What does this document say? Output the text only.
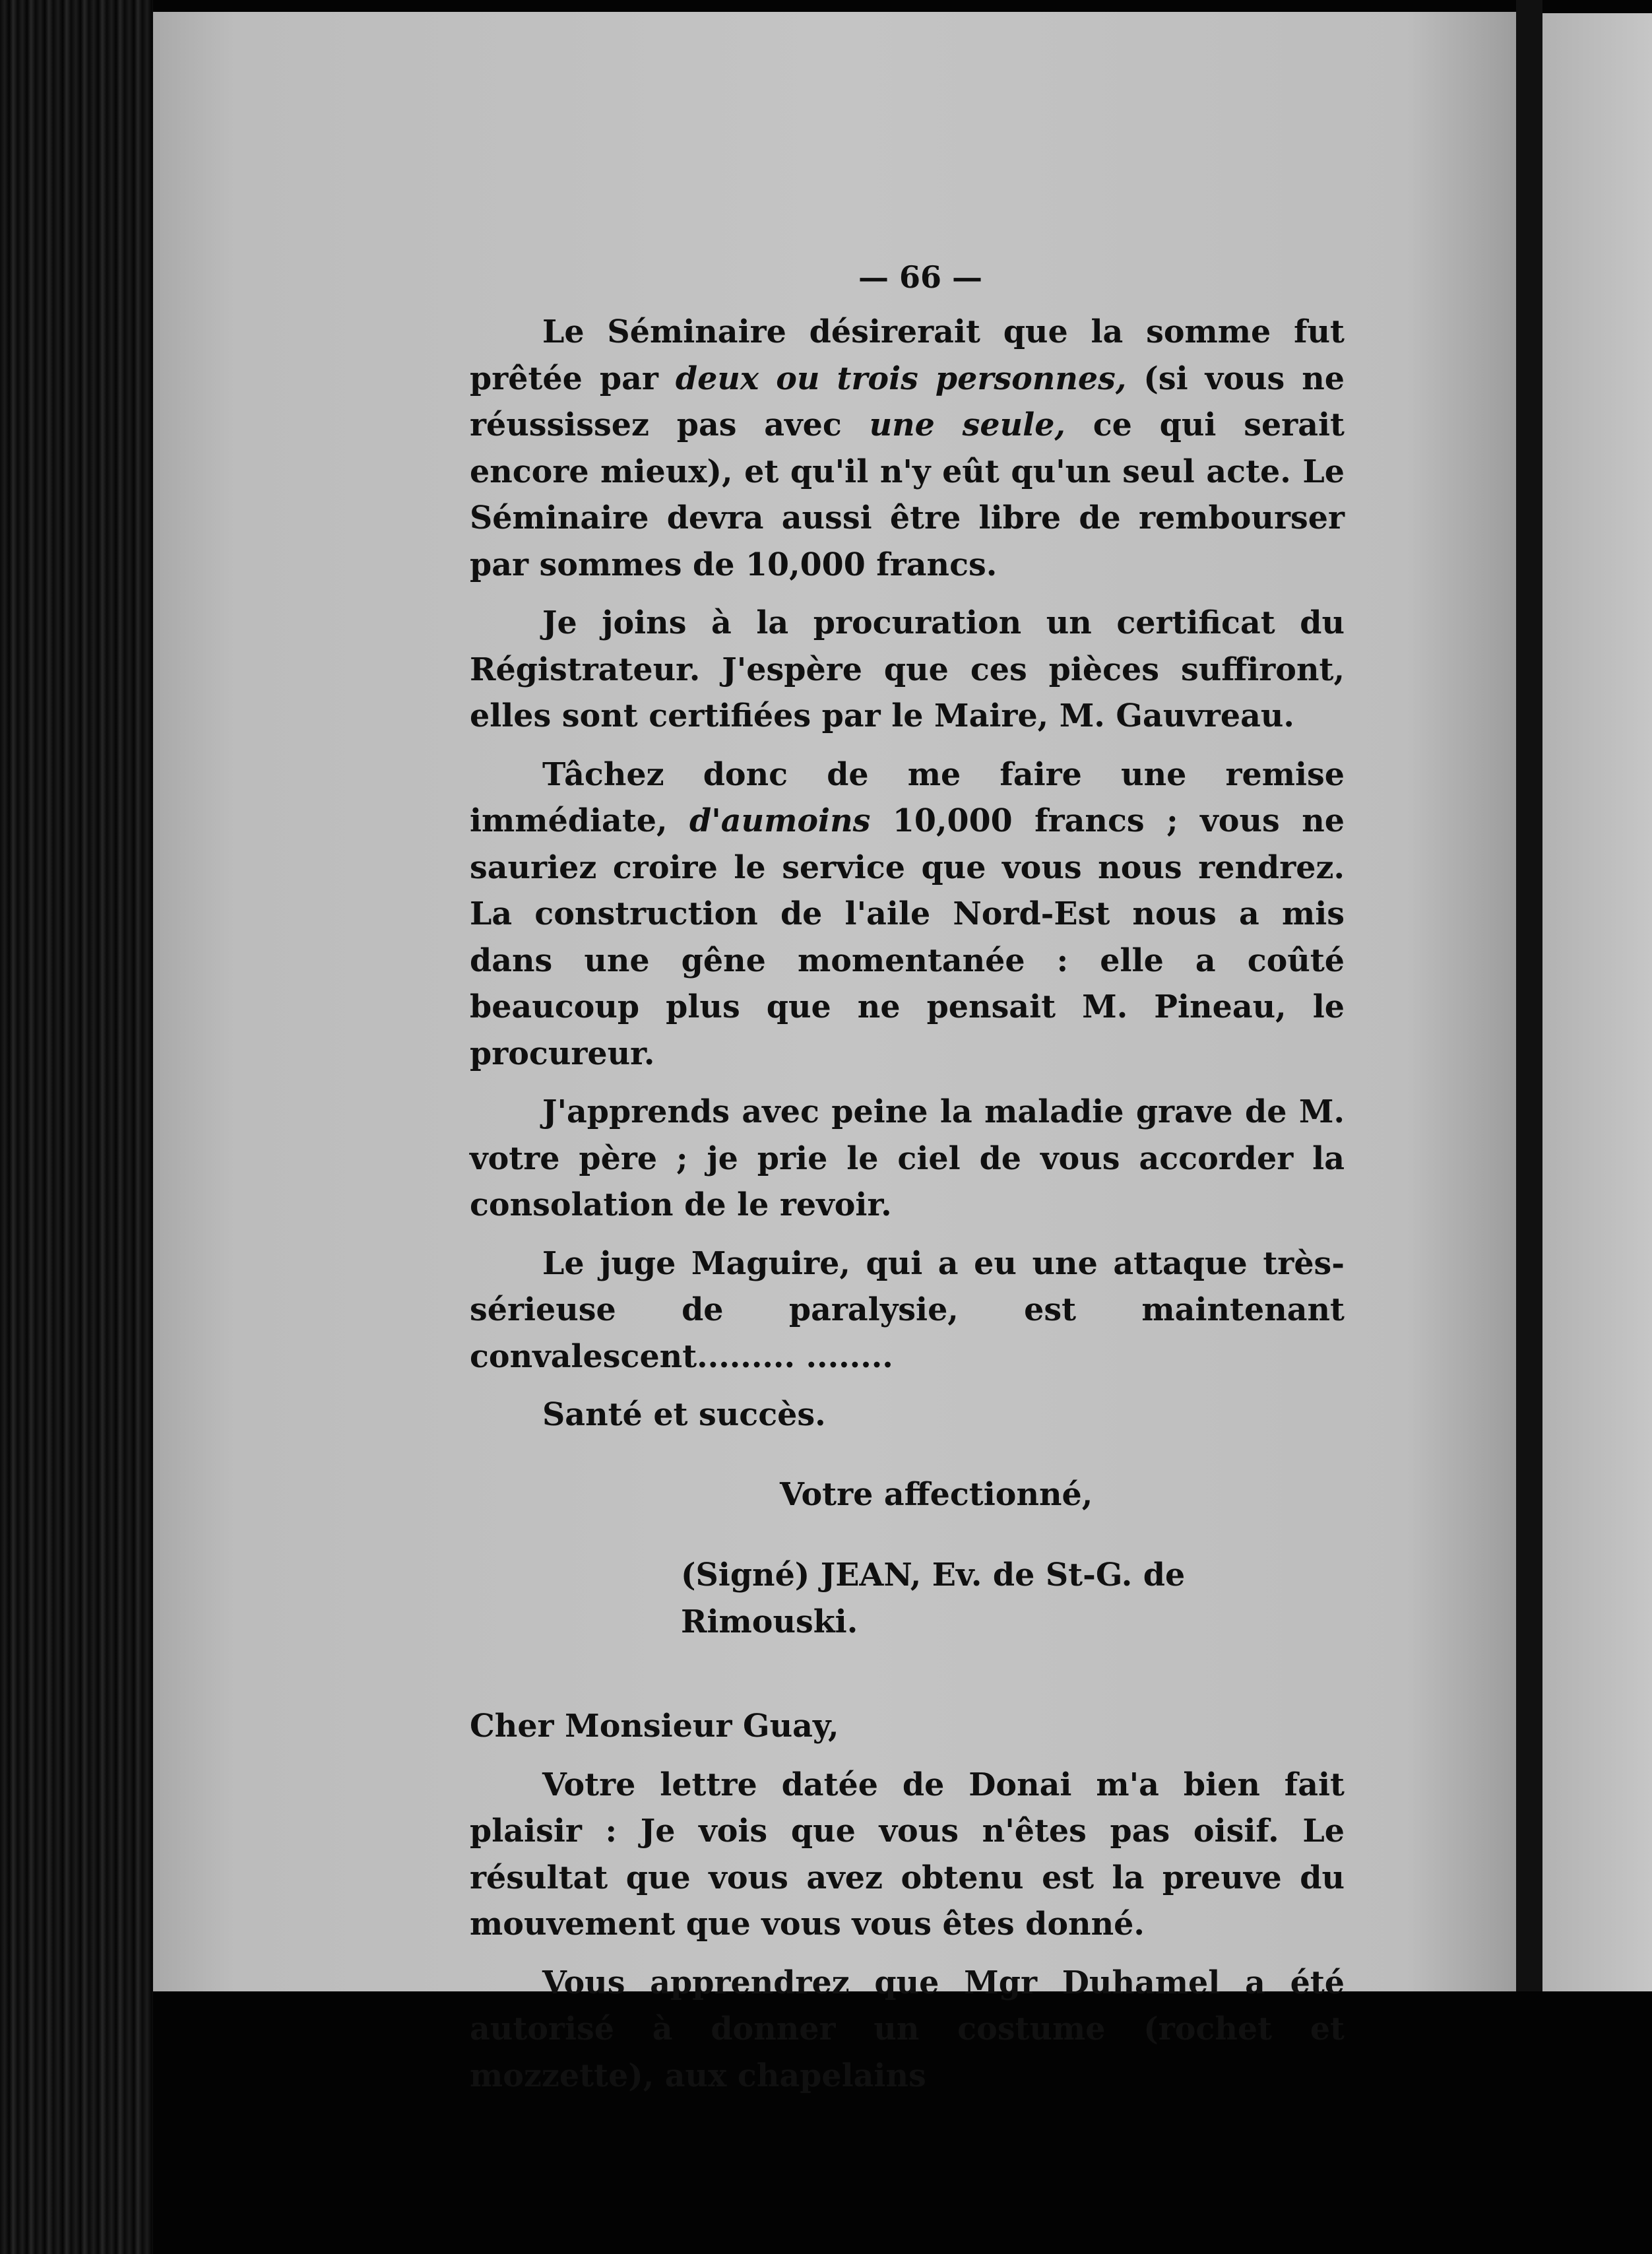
— 66 —

Le Séminaire désirerait que la somme fut prêtée par deux ou trois personnes, (si vous ne réussissez pas avec une seule, ce qui serait encore mieux), et qu'il n'y eût qu'un seul acte. Le Séminaire devra aussi être libre de rembourser par sommes de 10,000 francs.

Je joins à la procuration un certificat du Régistrateur. J'espère que ces pièces suffiront, elles sont certifiées par le Maire, M. Gauvreau.

Tâchez donc de me faire une remise immédiate, d'aumoins 10,000 francs ; vous ne sauriez croire le service que vous nous rendrez. La construction de l'aile Nord-Est nous a mis dans une gêne momentanée : elle a coûté beaucoup plus que ne pensait M. Pineau, le procureur.

J'apprends avec peine la maladie grave de M. votre père ; je prie le ciel de vous accorder la consolation de le revoir.

Le juge Maguire, qui a eu une attaque très-sérieuse de paralysie, est maintenant convalescent......... ........

Santé et succès.

Votre affectionné,

(Signé) JEAN, Ev. de St-G. de Rimouski.

Cher Monsieur Guay,

Votre lettre datée de Donai m'a bien fait plaisir : Je vois que vous n'êtes pas oisif. Le résultat que vous avez obtenu est la preuve du mouvement que vous vous êtes donné.

Vous apprendrez que Mgr Duhamel a été autorisé à donner un costume (rochet et mozzette), aux chapelains
